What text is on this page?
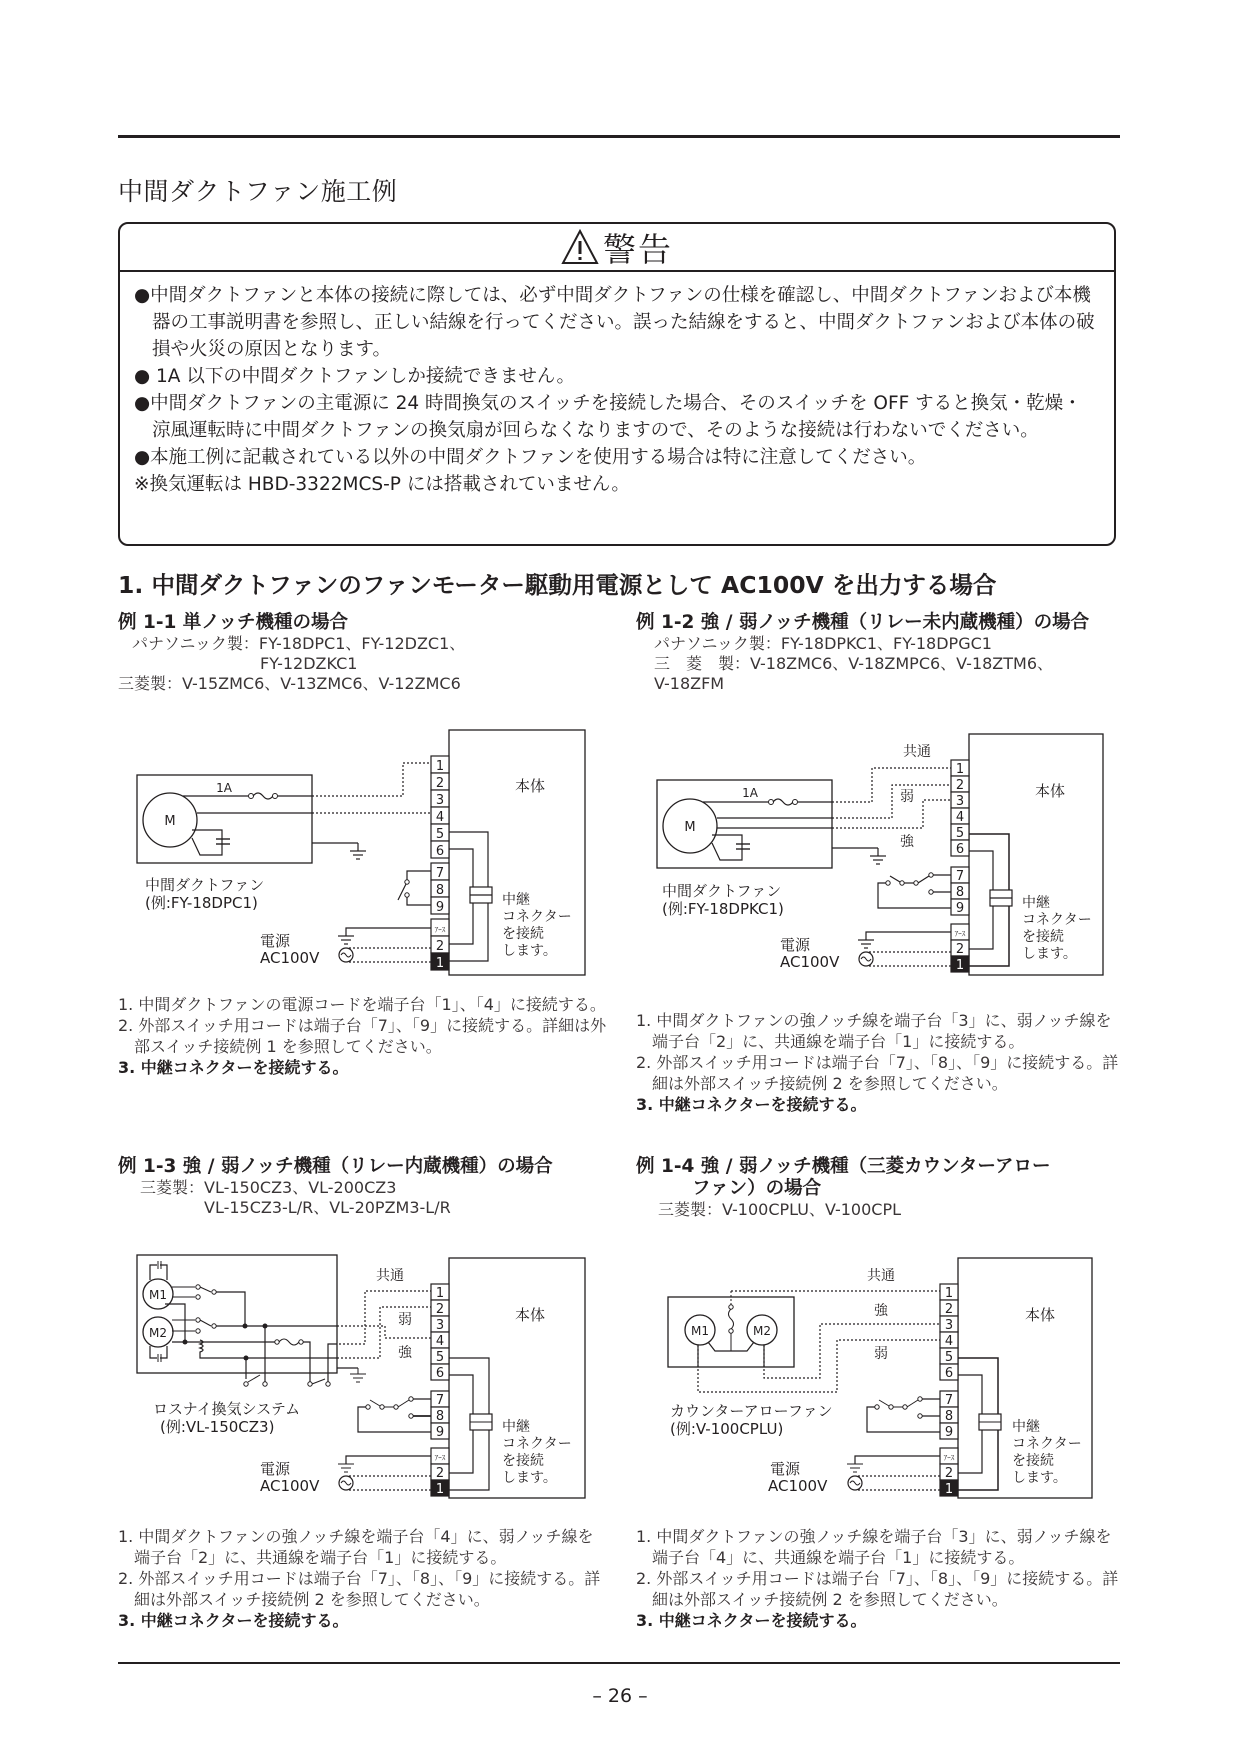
中間ダクトファン施工例
警告
●中間ダクトファンと本体の接続に際しては、必ず中間ダクトファンの仕様を確認し、中間ダクトファンおよび本機器の工事説明書を参照し、正しい結線を行ってください。誤った結線をすると、中間ダクトファンおよび本体の破損や火災の原因となります。
● 1A 以下の中間ダクトファンしか接続できません。
●中間ダクトファンの主電源に 24 時間換気のスイッチを接続した場合、そのスイッチを OFF すると換気・乾燥・涼風運転時に中間ダクトファンの換気扇が回らなくなりますので、そのような接続は行わないでください。
●本施工例に記載されている以外の中間ダクトファンを使用する場合は特に注意してください。
※換気運転は HBD-3322MCS-P には搭載されていません。
1. 中間ダクトファンのファンモーター駆動用電源として AC100V を出力する場合
例 1-1 単ノッチ機種の場合
パナソニック製：FY-18DPC1、FY-12DZC1、
　　　　　　　　FY-12DZKC1
三菱製：V-15ZMC6、V-13ZMC6、V-12ZMC6
M
1A	本体
1
2
3
4
5
6
7
8
9
ｱｰｽ
2
1
中継
コネクター
を接続
します。
電源
AC100V
中間ダクトファン
(例:FY-18DPC1)
1. 中間ダクトファンの電源コードを端子台「1」、「4」に接続する。
2. 外部スイッチ用コードは端子台「7」、「9」に接続する。詳細は外部スイッチ接続例 1 を参照してください。
3. 中継コネクターを接続する。
例 1-2 強 / 弱ノッチ機種（リレー未内蔵機種）の場合
パナソニック製：FY-18DPKC1、FY-18DPGC1
三　菱　製：V-18ZMC6、V-18ZMPC6、V-18ZTM6、
V-18ZFM
M
1A
共通
弱
強
本体
1
2
3
4
5
6
7
8
9
ｱｰｽ
2
1
中継
コネクター
を接続
します。
電源
AC100V
中間ダクトファン
(例:FY-18DPKC1)
1. 中間ダクトファンの強ノッチ線を端子台「3」に、弱ノッチ線を端子台「2」に、共通線を端子台「1」に接続する。
2. 外部スイッチ用コードは端子台「7」、「8」、「9」に接続する。詳細は外部スイッチ接続例 2 を参照してください。
3. 中継コネクターを接続する。
例 1-3 強 / 弱ノッチ機種（リレー内蔵機種）の場合
三菱製：VL-150CZ3、VL-200CZ3
　　　　VL-15CZ3-L/R、VL-20PZM3-L/R
M1
M2
共通
弱
強
本体
1
2
3
4
5
6
7
8
9
ｱｰｽ
2
1
中継
コネクター
を接続
します。
電源
AC100V
ロスナイ換気システム
(例:VL-150CZ3)
1. 中間ダクトファンの強ノッチ線を端子台「4」に、弱ノッチ線を端子台「2」に、共通線を端子台「1」に接続する。
2. 外部スイッチ用コードは端子台「7」、「8」、「9」に接続する。詳細は外部スイッチ接続例 2 を参照してください。
3. 中継コネクターを接続する。
例 1-4 強 / 弱ノッチ機種（三菱カウンターアロー
ファン）の場合
三菱製：V-100CPLU、V-100CPL
M1	M2
共通
強
弱
本体
1
2
3
4
5
6
7
8
9
ｱｰｽ
2
1
中継
コネクター
を接続
します。
電源
AC100V
カウンターアローファン
(例:V-100CPLU)
1. 中間ダクトファンの強ノッチ線を端子台「3」に、弱ノッチ線を端子台「4」に、共通線を端子台「1」に接続する。
2. 外部スイッチ用コードは端子台「7」、「8」、「9」に接続する。詳細は外部スイッチ接続例 2 を参照してください。
3. 中継コネクターを接続する。
– 26 –
